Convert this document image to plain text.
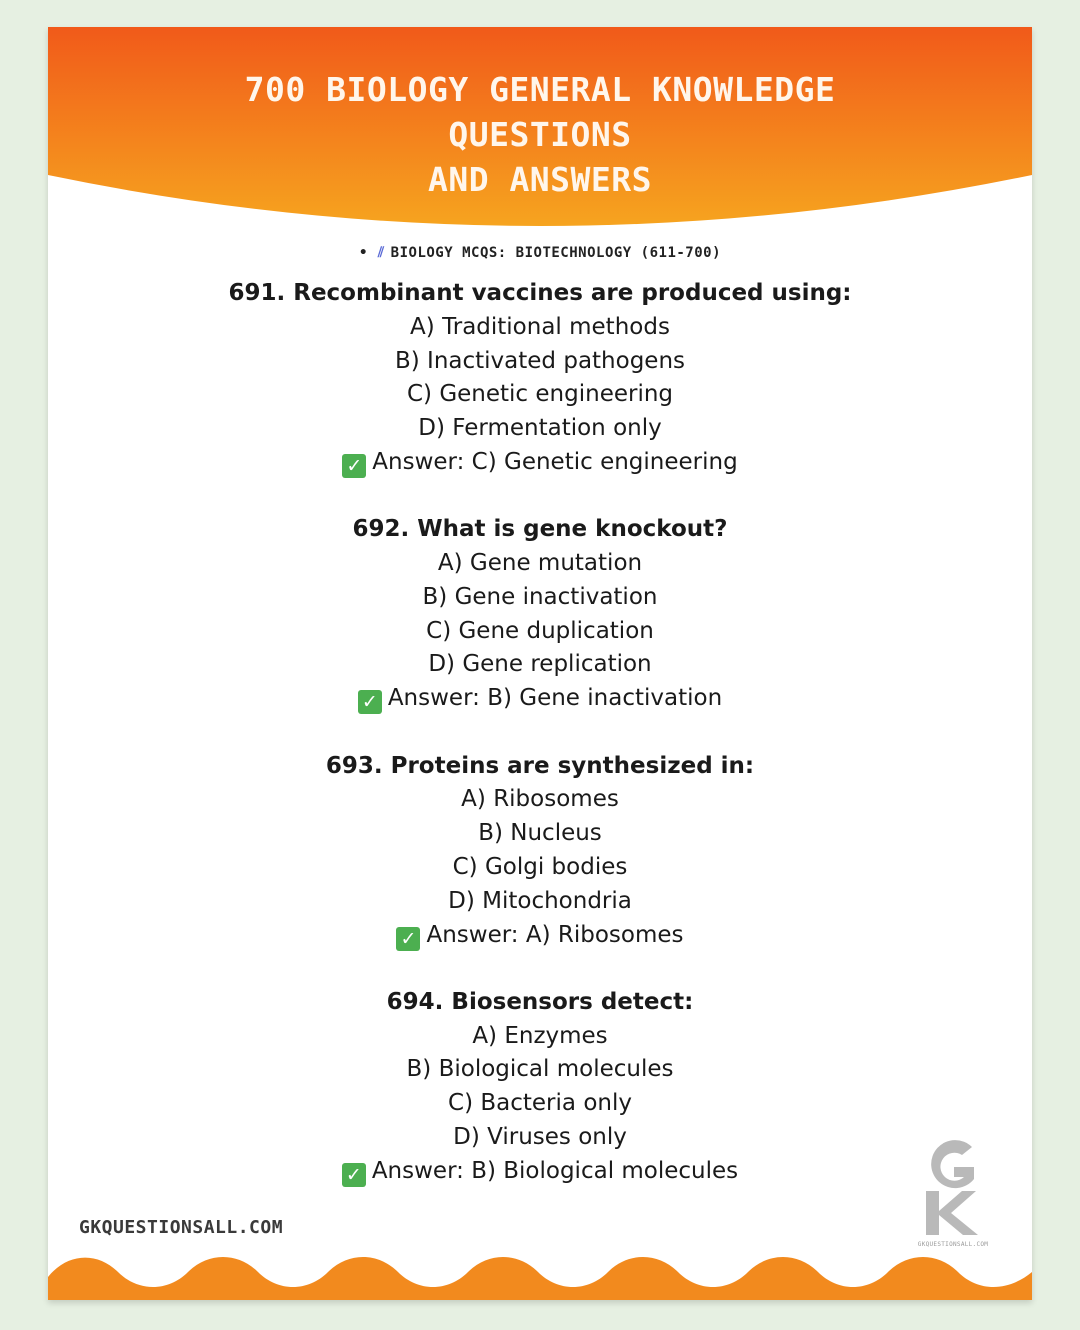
700 BIOLOGY GENERAL KNOWLEDGE
QUESTIONS
AND ANSWERS
• ⫽ BIOLOGY MCQS: BIOTECHNOLOGY (611-700)
691. Recombinant vaccines are produced using:
A) Traditional methods
B) Inactivated pathogens
C) Genetic engineering
D) Fermentation only
✓ Answer: C) Genetic engineering
692. What is gene knockout?
A) Gene mutation
B) Gene inactivation
C) Gene duplication
D) Gene replication
✓ Answer: B) Gene inactivation
693. Proteins are synthesized in:
A) Ribosomes
B) Nucleus
C) Golgi bodies
D) Mitochondria
✓ Answer: A) Ribosomes
694. Biosensors detect:
A) Enzymes
B) Biological molecules
C) Bacteria only
D) Viruses only
✓ Answer: B) Biological molecules
GKQUESTIONSALL.COM
GKQUESTIONSALL.COM
